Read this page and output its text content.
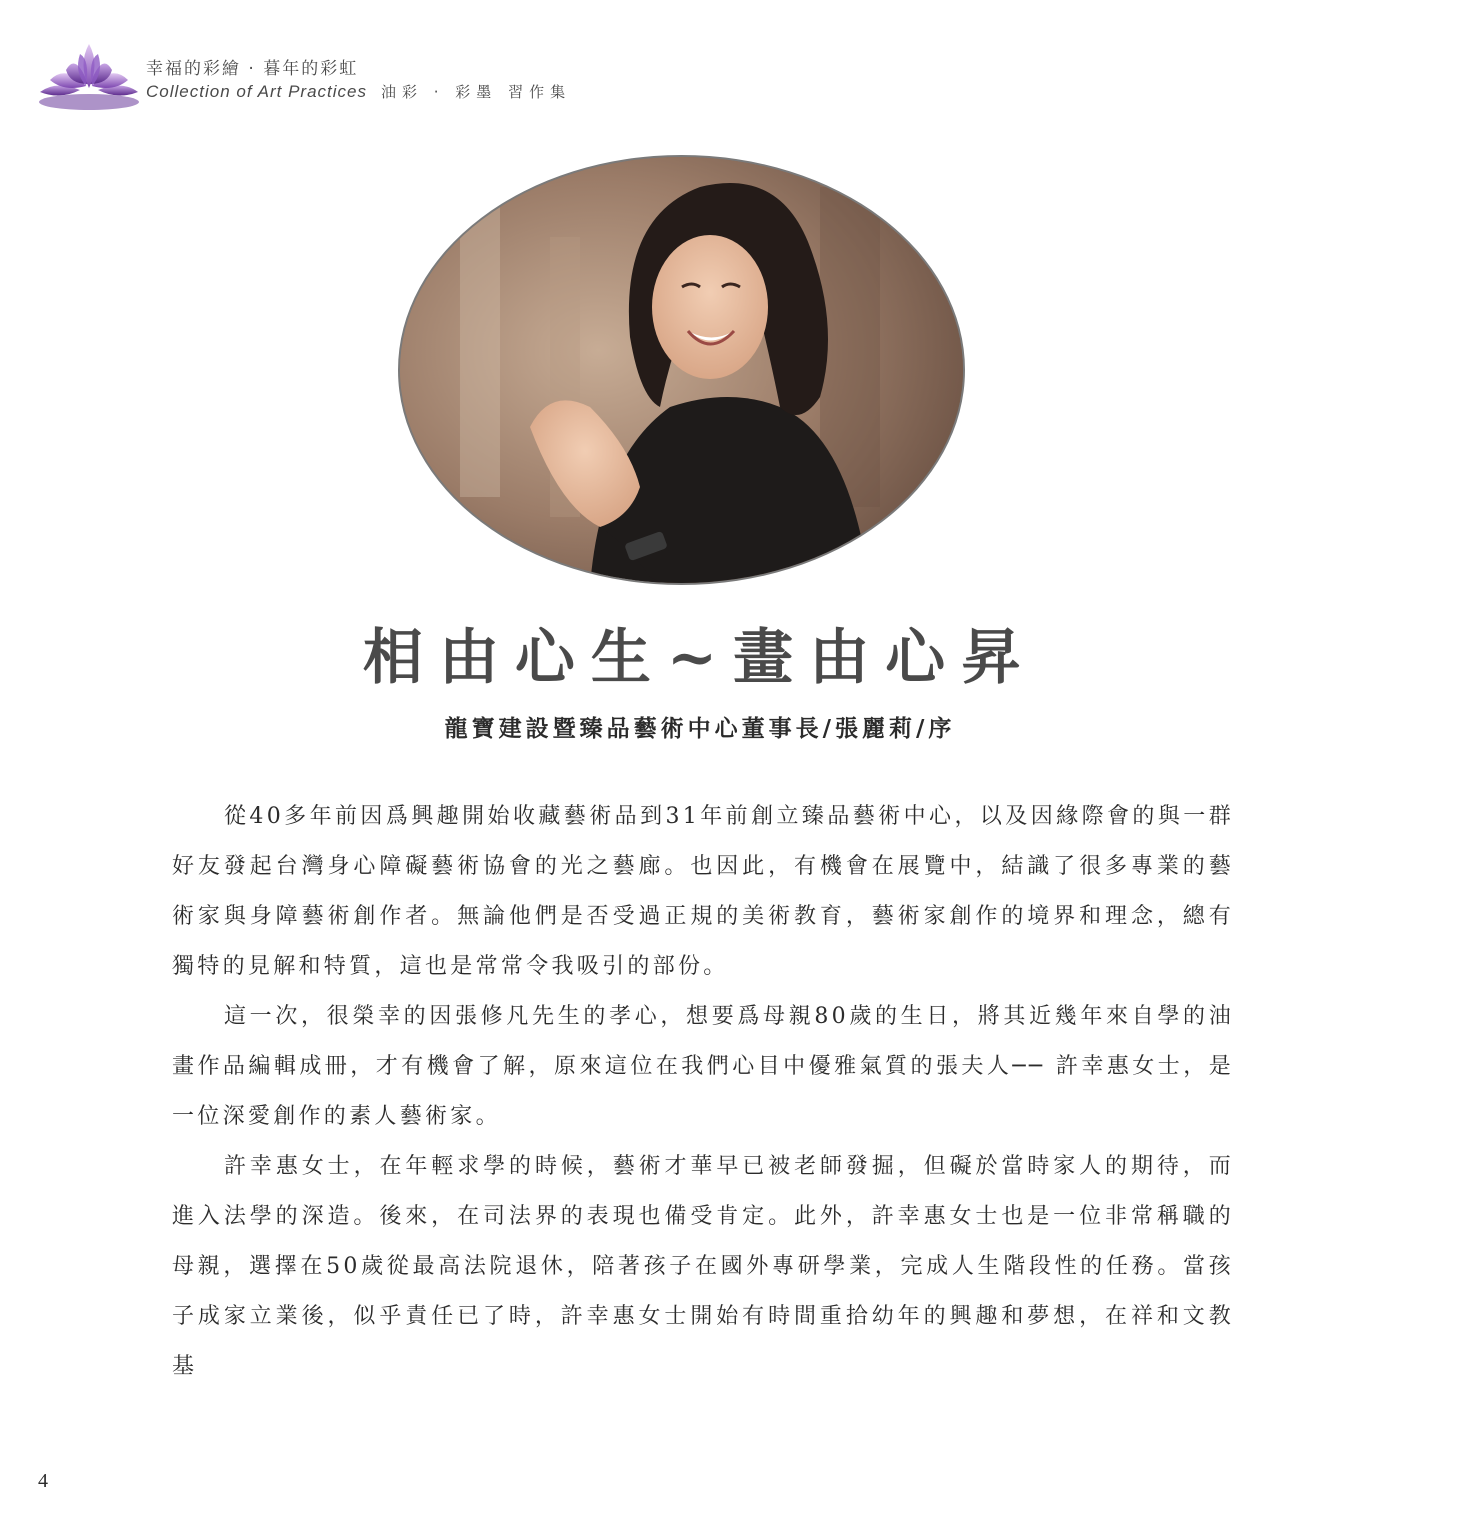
幸福的彩繪 · 暮年的彩虹
Collection of Art Practices 油彩 · 彩墨 習作集
相由心生~畫由心昇
龍寶建設暨臻品藝術中心董事長/張麗莉/序

從40多年前因爲興趣開始收藏藝術品到31年前創立臻品藝術中心，以及因緣際會的與一群好友發起台灣身心障礙藝術協會的光之藝廊。也因此，有機會在展覽中，結識了很多專業的藝術家與身障藝術創作者。無論他們是否受過正規的美術教育，藝術家創作的境界和理念，總有獨特的見解和特質，這也是常常令我吸引的部份。

這一次，很榮幸的因張修凡先生的孝心，想要爲母親80歲的生日，將其近幾年來自學的油畫作品編輯成冊，才有機會了解，原來這位在我們心目中優雅氣質的張夫人── 許幸惠女士，是一位深愛創作的素人藝術家。

許幸惠女士，在年輕求學的時候，藝術才華早已被老師發掘，但礙於當時家人的期待，而進入法學的深造。後來，在司法界的表現也備受肯定。此外，許幸惠女士也是一位非常稱職的母親，選擇在50歲從最高法院退休，陪著孩子在國外專研學業，完成人生階段性的任務。當孩子成家立業後，似乎責任已了時，許幸惠女士開始有時間重拾幼年的興趣和夢想，在祥和文教基

4
